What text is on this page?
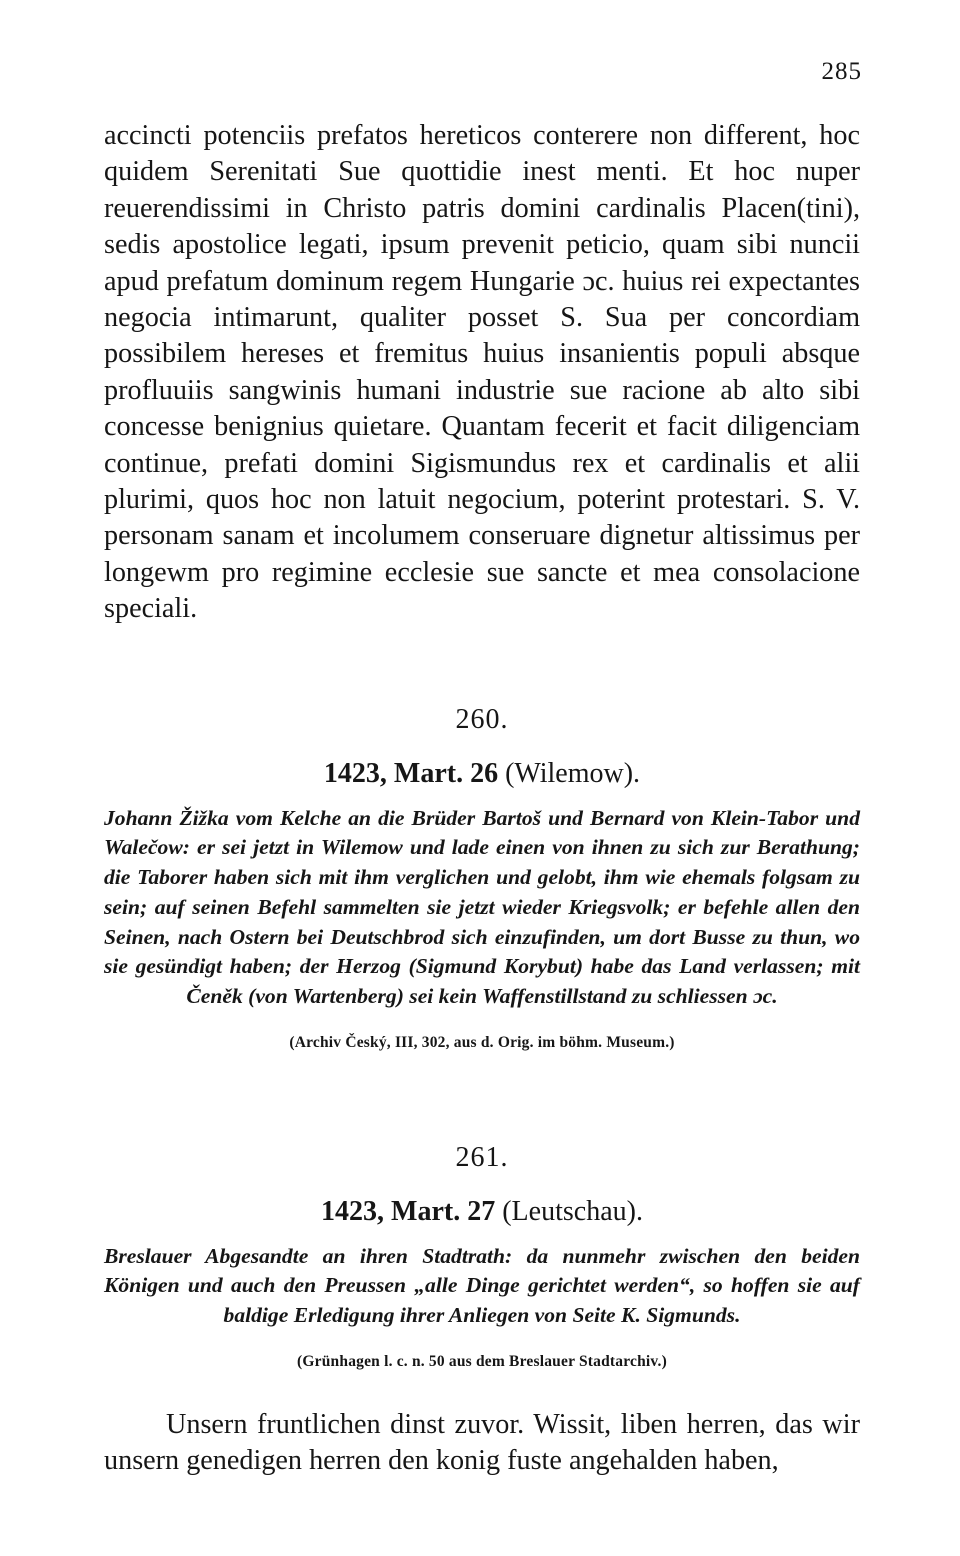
285

accincti potenciis prefatos hereticos conterere non different, hoc quidem Serenitati Sue quottidie inest menti. Et hoc nuper reuerendissimi in Christo patris domini cardinalis Placen(tini), sedis apostolice legati, ipsum prevenit peticio, quam sibi nuncii apud prefatum dominum regem Hungarie ɔc. huius rei expectantes negocia intimarunt, qualiter posset S. Sua per concordiam possibilem hereses et fremitus huius insanientis populi absque profluuiis sangwinis humani industrie sue racione ab alto sibi concesse benignius quietare. Quantam fecerit et facit diligenciam continue, prefati domini Sigismundus rex et cardinalis et alii plurimi, quos hoc non latuit negocium, poterint protestari. S. V. personam sanam et incolumem conseruare dignetur altissimus per longewm pro regimine ecclesie sue sancte et mea consolacione speciali.

260.
1423, Mart. 26 (Wilemow).

Johann Žižka vom Kelche an die Brüder Bartoš und Bernard von Klein-Tabor und Walečow: er sei jetzt in Wilemow und lade einen von ihnen zu sich zur Berathung; die Taborer haben sich mit ihm verglichen und gelobt, ihm wie ehemals folgsam zu sein; auf seinen Befehl sammelten sie jetzt wieder Kriegsvolk; er befehle allen den Seinen, nach Ostern bei Deutschbrod sich einzufinden, um dort Busse zu thun, wo sie gesündigt haben; der Herzog (Sigmund Korybut) habe das Land verlassen; mit Čeněk (von Wartenberg) sei kein Waffenstillstand zu schliessen ɔc.

(Archiv Český, III, 302, aus d. Orig. im böhm. Museum.)
261.
1423, Mart. 27 (Leutschau).

Breslauer Abgesandte an ihren Stadtrath: da nunmehr zwischen den beiden Königen und auch den Preussen „alle Dinge gerichtet werden“, so hoffen sie auf baldige Erledigung ihrer Anliegen von Seite K. Sigmunds.

(Grünhagen l. c. n. 50 aus dem Breslauer Stadtarchiv.)

Unsern fruntlichen dinst zuvor. Wissit, liben herren, das wir unsern genedigen herren den konig fuste angehalden haben,
